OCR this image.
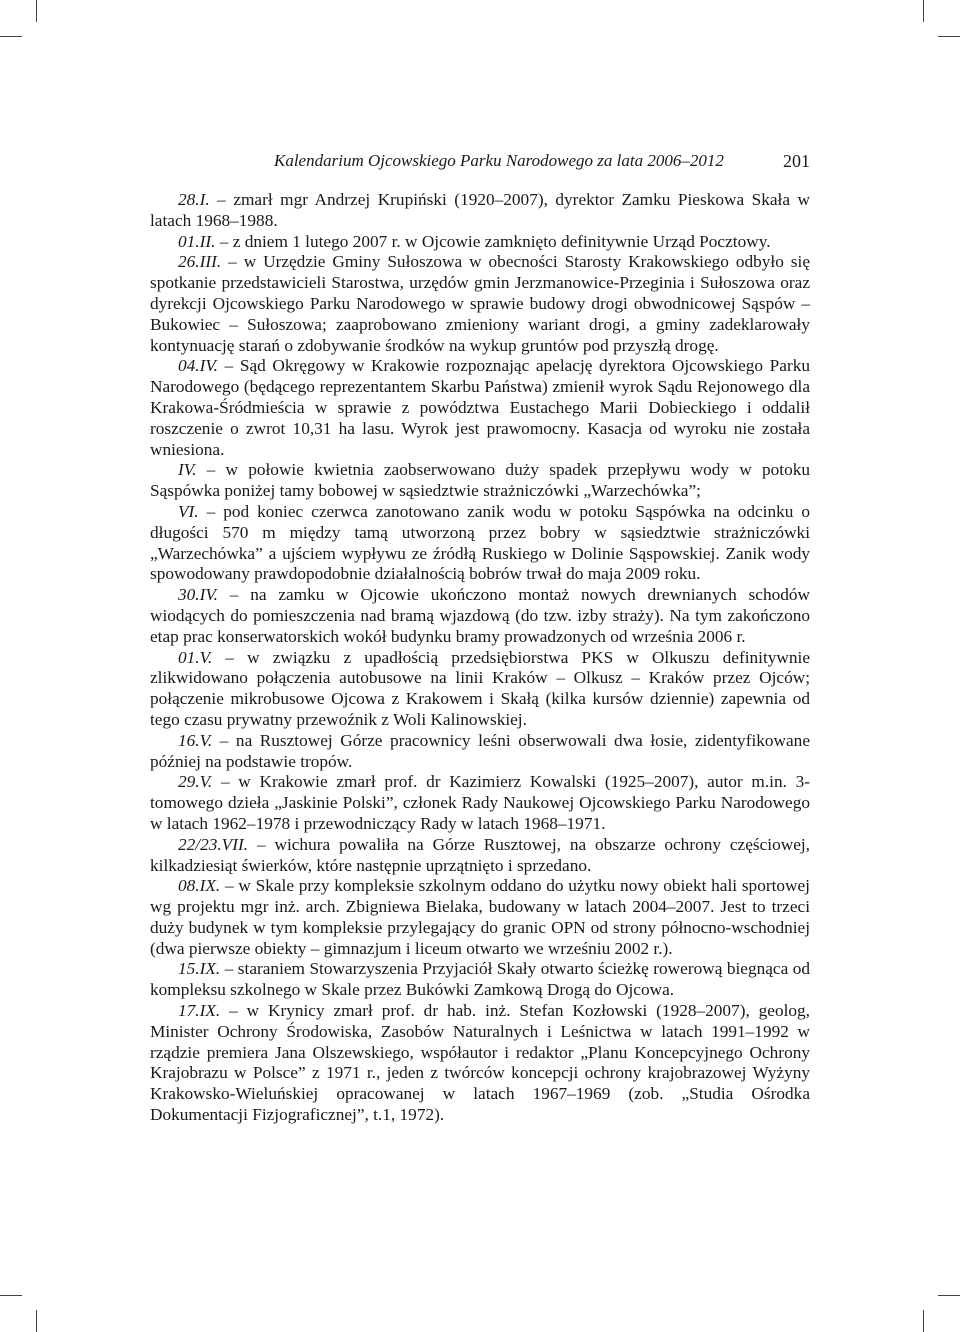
Kalendarium Ojcowskiego Parku Narodowego za lata 2006–2012	201

28.I. – zmarł mgr Andrzej Krupiński (1920–2007), dyrektor Zamku Pieskowa Skała w latach 1968–1988.

01.II. – z dniem 1 lutego 2007 r. w Ojcowie zamknięto definitywnie Urząd Pocztowy.

26.III. – w Urzędzie Gminy Sułoszowa w obecności Starosty Krakowskiego odbyło się spotkanie przedstawicieli Starostwa, urzędów gmin Jerzmanowice-Przeginia i Sułoszowa oraz dyrekcji Ojcowskiego Parku Narodowego w sprawie budowy drogi obwodnicowej Sąspów – Bukowiec – Sułoszowa; zaaprobowano zmieniony wariant drogi, a gminy zadeklarowały kontynuację starań o zdobywanie środków na wykup gruntów pod przyszłą drogę.

04.IV. – Sąd Okręgowy w Krakowie rozpoznając apelację dyrektora Ojcowskiego Parku Narodowego (będącego reprezentantem Skarbu Państwa) zmienił wyrok Sądu Rejonowego dla Krakowa-Śródmieścia w sprawie z powództwa Eustachego Marii Dobieckiego i oddalił roszczenie o zwrot 10,31 ha lasu. Wyrok jest prawomocny. Kasacja od wyroku nie została wniesiona.

IV. – w połowie kwietnia zaobserwowano duży spadek przepływu wody w potoku Sąspówka poniżej tamy bobowej w sąsiedztwie strażniczówki „Warzechówka”;

VI. – pod koniec czerwca zanotowano zanik wodu w potoku Sąspówka na odcinku o długości 570 m między tamą utworzoną przez bobry w sąsiedztwie strażniczówki „Warzechówka” a ujściem wypływu ze źródłą Ruskiego w Dolinie Sąspowskiej. Zanik wody spowodowany prawdopodobnie działalnością bobrów trwał do maja 2009 roku.

30.IV. – na zamku w Ojcowie ukończono montaż nowych drewnianych schodów wiodących do pomieszczenia nad bramą wjazdową (do tzw. izby straży). Na tym zakończono etap prac konserwatorskich wokół budynku bramy prowadzonych od września 2006 r.

01.V. – w związku z upadłością przedsiębiorstwa PKS w Olkuszu definitywnie zlikwidowano połączenia autobusowe na linii Kraków – Olkusz – Kraków przez Ojców; połączenie mikrobusowe Ojcowa z Krakowem i Skałą (kilka kursów dziennie) zapewnia od tego czasu prywatny przewoźnik z Woli Kalinowskiej.

16.V. – na Rusztowej Górze pracownicy leśni obserwowali dwa łosie, zidentyfikowane później na podstawie tropów.

29.V. – w Krakowie zmarł prof. dr Kazimierz Kowalski (1925–2007), autor m.in. 3-tomowego dzieła „Jaskinie Polski”, członek Rady Naukowej Ojcowskiego Parku Narodowego w latach 1962–1978 i przewodniczący Rady w latach 1968–1971.

22/23.VII. – wichura powaliła na Górze Rusztowej, na obszarze ochrony częściowej, kilkadziesiąt świerków, które następnie uprzątnięto i sprzedano.

08.IX. – w Skale przy kompleksie szkolnym oddano do użytku nowy obiekt hali sportowej wg projektu mgr inż. arch. Zbigniewa Bielaka, budowany w latach 2004–2007. Jest to trzeci duży budynek w tym kompleksie przylegający do granic OPN od strony północno-wschodniej (dwa pierwsze obiekty – gimnazjum i liceum otwarto we wrześniu 2002 r.).

15.IX. – staraniem Stowarzyszenia Przyjaciół Skały otwarto ścieżkę rowerową biegnąca od kompleksu szkolnego w Skale przez Bukówki Zamkową Drogą do Ojcowa.

17.IX. – w Krynicy zmarł prof. dr hab. inż. Stefan Kozłowski (1928–2007), geolog, Minister Ochrony Środowiska, Zasobów Naturalnych i Leśnictwa w latach 1991–1992 w rządzie premiera Jana Olszewskiego, współautor i redaktor „Planu Koncepcyjnego Ochrony Krajobrazu w Polsce” z 1971 r., jeden z twórców koncepcji ochrony krajobrazowej Wyżyny Krakowsko-Wieluńskiej opracowanej w latach 1967–1969 (zob. „Studia Ośrodka Dokumentacji Fizjograficznej”, t.1, 1972).
